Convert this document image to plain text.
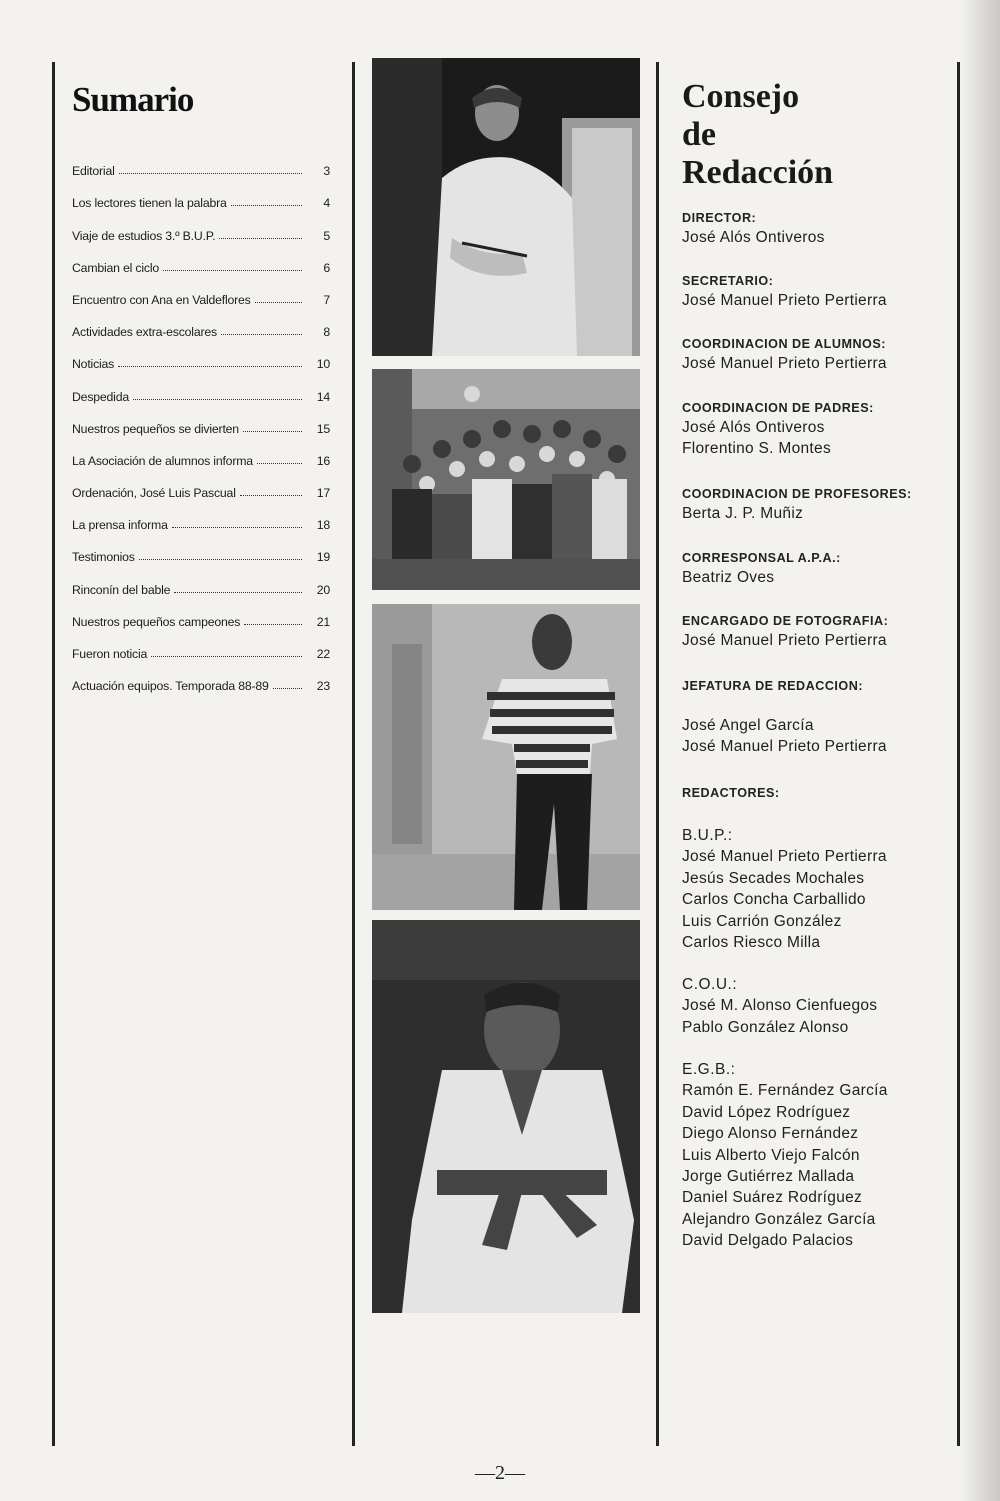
Sumario
Editorial	3
Los lectores tienen la palabra	4
Viaje de estudios 3.º B.U.P.	5
Cambian el ciclo	6
Encuentro con Ana en Valdeflores	7
Actividades extra-escolares	8
Noticias	10
Despedida	14
Nuestros pequeños se divierten	15
La Asociación de alumnos informa	16
Ordenación, José Luis Pascual	17
La prensa informa	18
Testimonios	19
Rinconín del bable	20
Nuestros pequeños campeones	21
Fueron noticia	22
Actuación equipos. Temporada 88-89	23
Consejo
de
Redacción
DIRECTOR:
José Alós Ontiveros
SECRETARIO:
José Manuel Prieto Pertierra
COORDINACION DE ALUMNOS:
José Manuel Prieto Pertierra
COORDINACION DE PADRES:
José Alós Ontiveros
Florentino S. Montes
COORDINACION DE PROFESORES:
Berta J. P. Muñiz
CORRESPONSAL A.P.A.:
Beatriz Oves
ENCARGADO DE FOTOGRAFIA:
José Manuel Prieto Pertierra
JEFATURA DE REDACCION:
José Angel García
José Manuel Prieto Pertierra
REDACTORES:
B.U.P.:
José Manuel Prieto Pertierra
Jesús Secades Mochales
Carlos Concha Carballido
Luis Carrión González
Carlos Riesco Milla
C.O.U.:
José M. Alonso Cienfuegos
Pablo González Alonso
E.G.B.:
Ramón E. Fernández García
David López Rodríguez
Diego Alonso Fernández
Luis Alberto Viejo Falcón
Jorge Gutiérrez Mallada
Daniel Suárez Rodríguez
Alejandro González García
David Delgado Palacios
—2—
